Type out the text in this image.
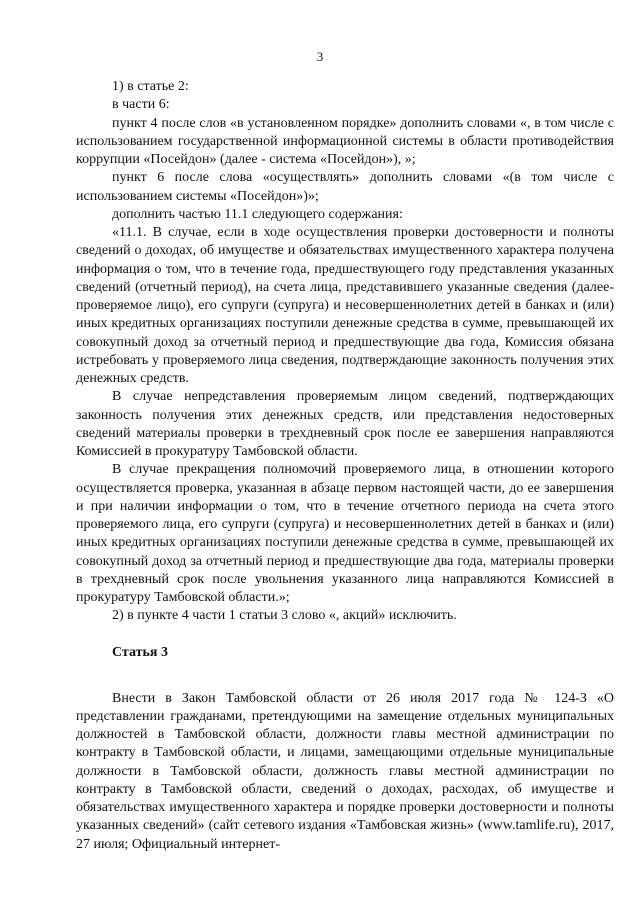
3

1) в статье 2:

в части 6:

пункт 4 после слов «в установленном порядке» дополнить словами «, в том числе с использованием государственной информационной системы в области противодействия коррупции «Посейдон» (далее - система «Посейдон»), »;

пункт 6 после слова «осуществлять» дополнить словами «(в том числе с использованием системы «Посейдон»)»;

дополнить частью 11.1 следующего содержания:

«11.1. В случае, если в ходе осуществления проверки достоверности и полноты сведений о доходах, об имуществе и обязательствах имущественного характера получена информация о том, что в течение года, предшествующего году представления указанных сведений (отчетный период), на счета лица, представившего указанные сведения (далее-проверяемое лицо), его супруги (супруга) и несовершеннолетних детей в банках и (или) иных кредитных организациях поступили денежные средства в сумме, превышающей их совокупный доход за отчетный период и предшествующие два года, Комиссия обязана истребовать у проверяемого лица сведения, подтверждающие законность получения этих денежных средств.

В случае непредставления проверяемым лицом сведений, подтверждающих законность получения этих денежных средств, или представления недостоверных сведений материалы проверки в трехдневный срок после ее завершения направляются Комиссией в прокуратуру Тамбовской области.

В случае прекращения полномочий проверяемого лица, в отношении которого осуществляется проверка, указанная в абзаце первом настоящей части, до ее завершения и при наличии информации о том, что в течение отчетного периода на счета этого проверяемого лица, его супруги (супруга) и несовершеннолетних детей в банках и (или) иных кредитных организациях поступили денежные средства в сумме, превышающей их совокупный доход за отчетный период и предшествующие два года, материалы проверки в трехдневный срок после увольнения указанного лица направляются Комиссией в прокуратуру Тамбовской области.»;

2) в пункте 4 части 1 статьи 3 слово «, акций» исключить.

Статья 3

Внести в Закон Тамбовской области от 26 июля 2017 года № 124-З «О представлении гражданами, претендующими на замещение отдельных муниципальных должностей в Тамбовской области, должности главы местной администрации по контракту в Тамбовской области, и лицами, замещающими отдельные муниципальные должности в Тамбовской области, должность главы местной администрации по контракту в Тамбовской области, сведений о доходах, расходах, об имуществе и обязательствах имущественного характера и порядке проверки достоверности и полноты указанных сведений» (сайт сетевого издания «Тамбовская жизнь» (www.tamlife.ru), 2017, 27 июля; Официальный интернет-
